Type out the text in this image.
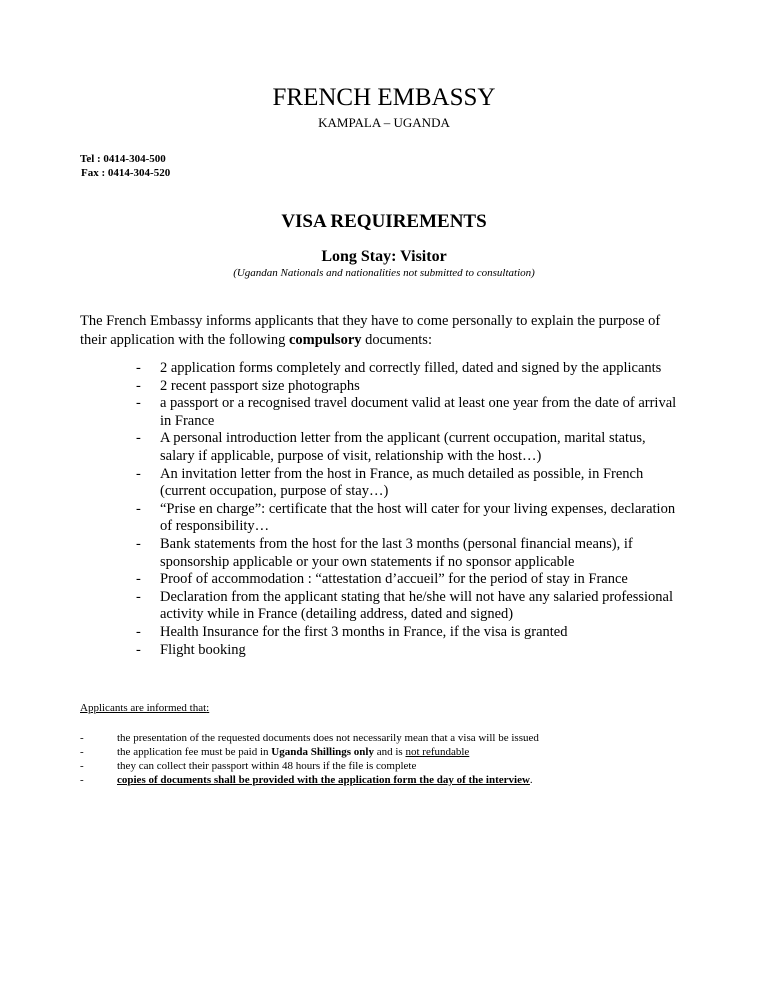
FRENCH EMBASSY
KAMPALA – UGANDA
Tel : 0414-304-500
Fax : 0414-304-520
VISA REQUIREMENTS
Long Stay: Visitor
(Ugandan Nationals and nationalities not submitted to consultation)
The French Embassy informs applicants that they have to come personally to explain the purpose of their application with the following compulsory documents:
- 2 application forms completely and correctly filled, dated and signed by the applicants
- 2 recent passport size photographs
- a passport or a recognised travel document valid at least one year from the date of arrival in France
- A personal introduction letter from the applicant (current occupation, marital status, salary if applicable, purpose of visit, relationship with the host…)
- An invitation letter from the host in France, as much detailed as possible, in French (current occupation, purpose of stay…)
- “Prise en charge”: certificate that the host will cater for your living expenses, declaration of responsibility…
- Bank statements from the host for the last 3 months (personal financial means), if sponsorship applicable or your own statements if no sponsor applicable
- Proof of accommodation : “attestation d’accueil” for the period of stay in France
- Declaration from the applicant stating that he/she will not have any salaried professional activity while in France (detailing address, dated and signed)
- Health Insurance for the first 3 months in France, if the visa is granted
- Flight booking
Applicants are informed that:
-	the presentation of the requested documents does not necessarily mean that a visa will be issued
-	the application fee must be paid in Uganda Shillings only and is not refundable
-	they can collect their passport within 48 hours if the file is complete
-	copies of documents shall be provided with the application form the day of the interview.
